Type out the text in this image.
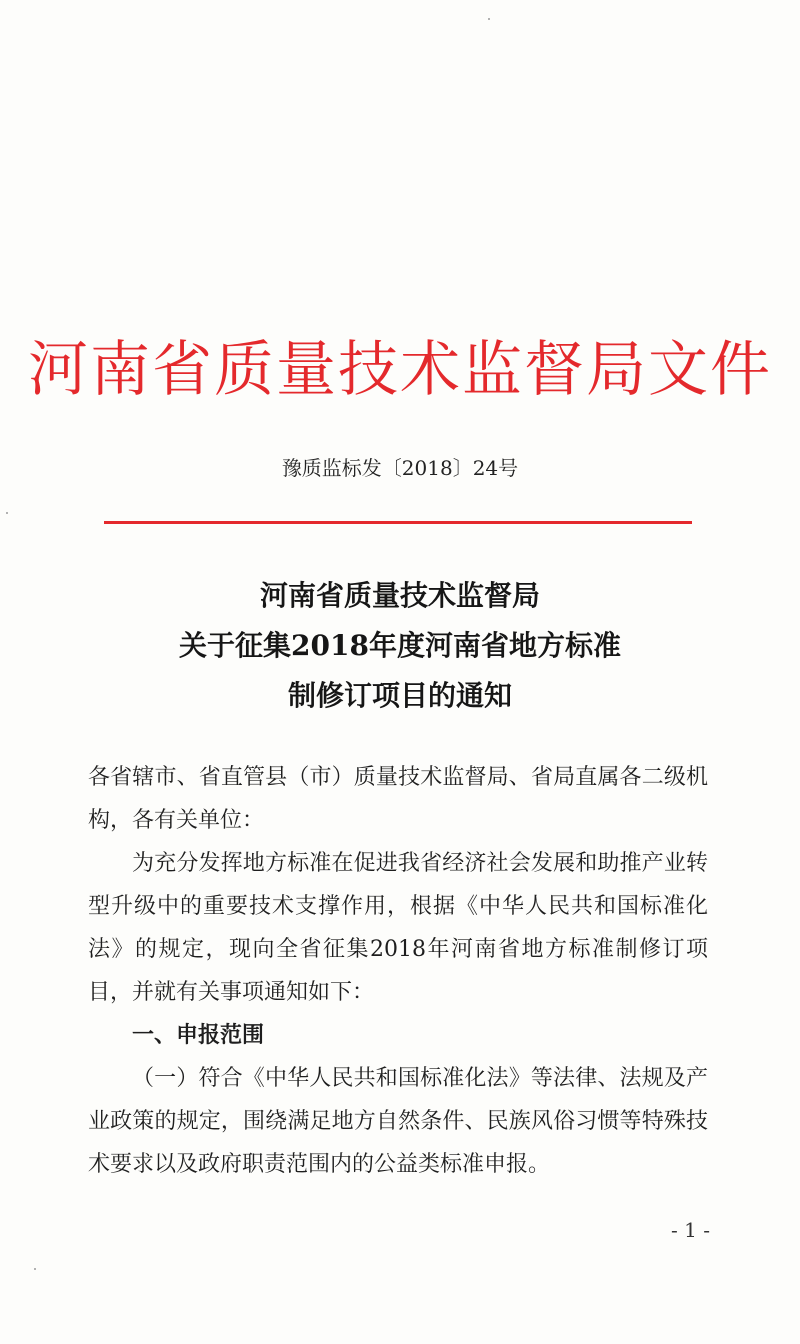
河南省质量技术监督局文件
豫质监标发〔2018〕24号
河南省质量技术监督局
关于征集2018年度河南省地方标准
制修订项目的通知

各省辖市、省直管县（市）质量技术监督局、省局直属各二级机构，各有关单位：

为充分发挥地方标准在促进我省经济社会发展和助推产业转型升级中的重要技术支撑作用，根据《中华人民共和国标准化法》的规定，现向全省征集2018年河南省地方标准制修订项目，并就有关事项通知如下：

一、申报范围

（一）符合《中华人民共和国标准化法》等法律、法规及产业政策的规定，围绕满足地方自然条件、民族风俗习惯等特殊技术要求以及政府职责范围内的公益类标准申报。

- 1 -
